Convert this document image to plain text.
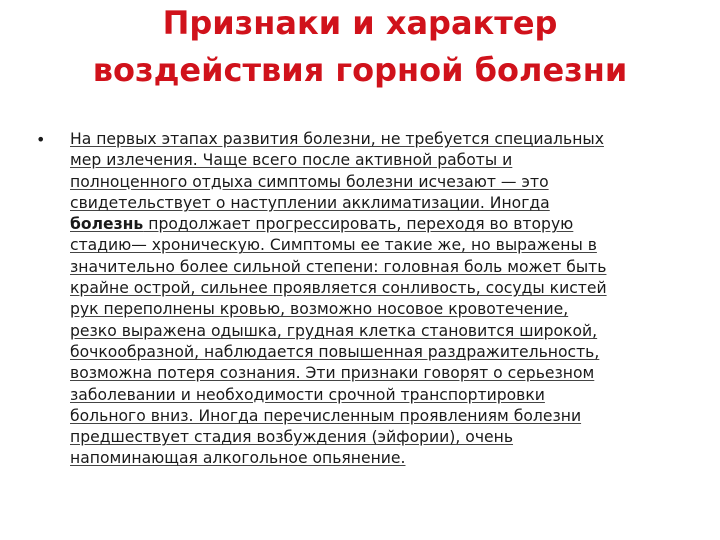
Признаки и характер
воздействия горной болезни
• На первых этапах развития болезни, не требуется специальных
мер излечения. Чаще всего после активной работы и
полноценного отдыха симптомы болезни исчезают — это
свидетельствует о наступлении акклиматизации. Иногда
болезнь продолжает прогрессировать, переходя во вторую
стадию— хроническую. Симптомы ее такие же, но выражены в
значительно более сильной степени: головная боль может быть
крайне острой, сильнее проявляется сонливость, сосуды кистей
рук переполнены кровью, возможно носовое кровотечение,
резко выражена одышка, грудная клетка становится широкой,
бочкообразной, наблюдается повышенная раздражительность,
возможна потеря сознания. Эти признаки говорят о серьезном
заболевании и необходимости срочной транспортировки
больного вниз. Иногда перечисленным проявлениям болезни
предшествует стадия возбуждения (эйфории), очень
напоминающая алкогольное опьянение.
